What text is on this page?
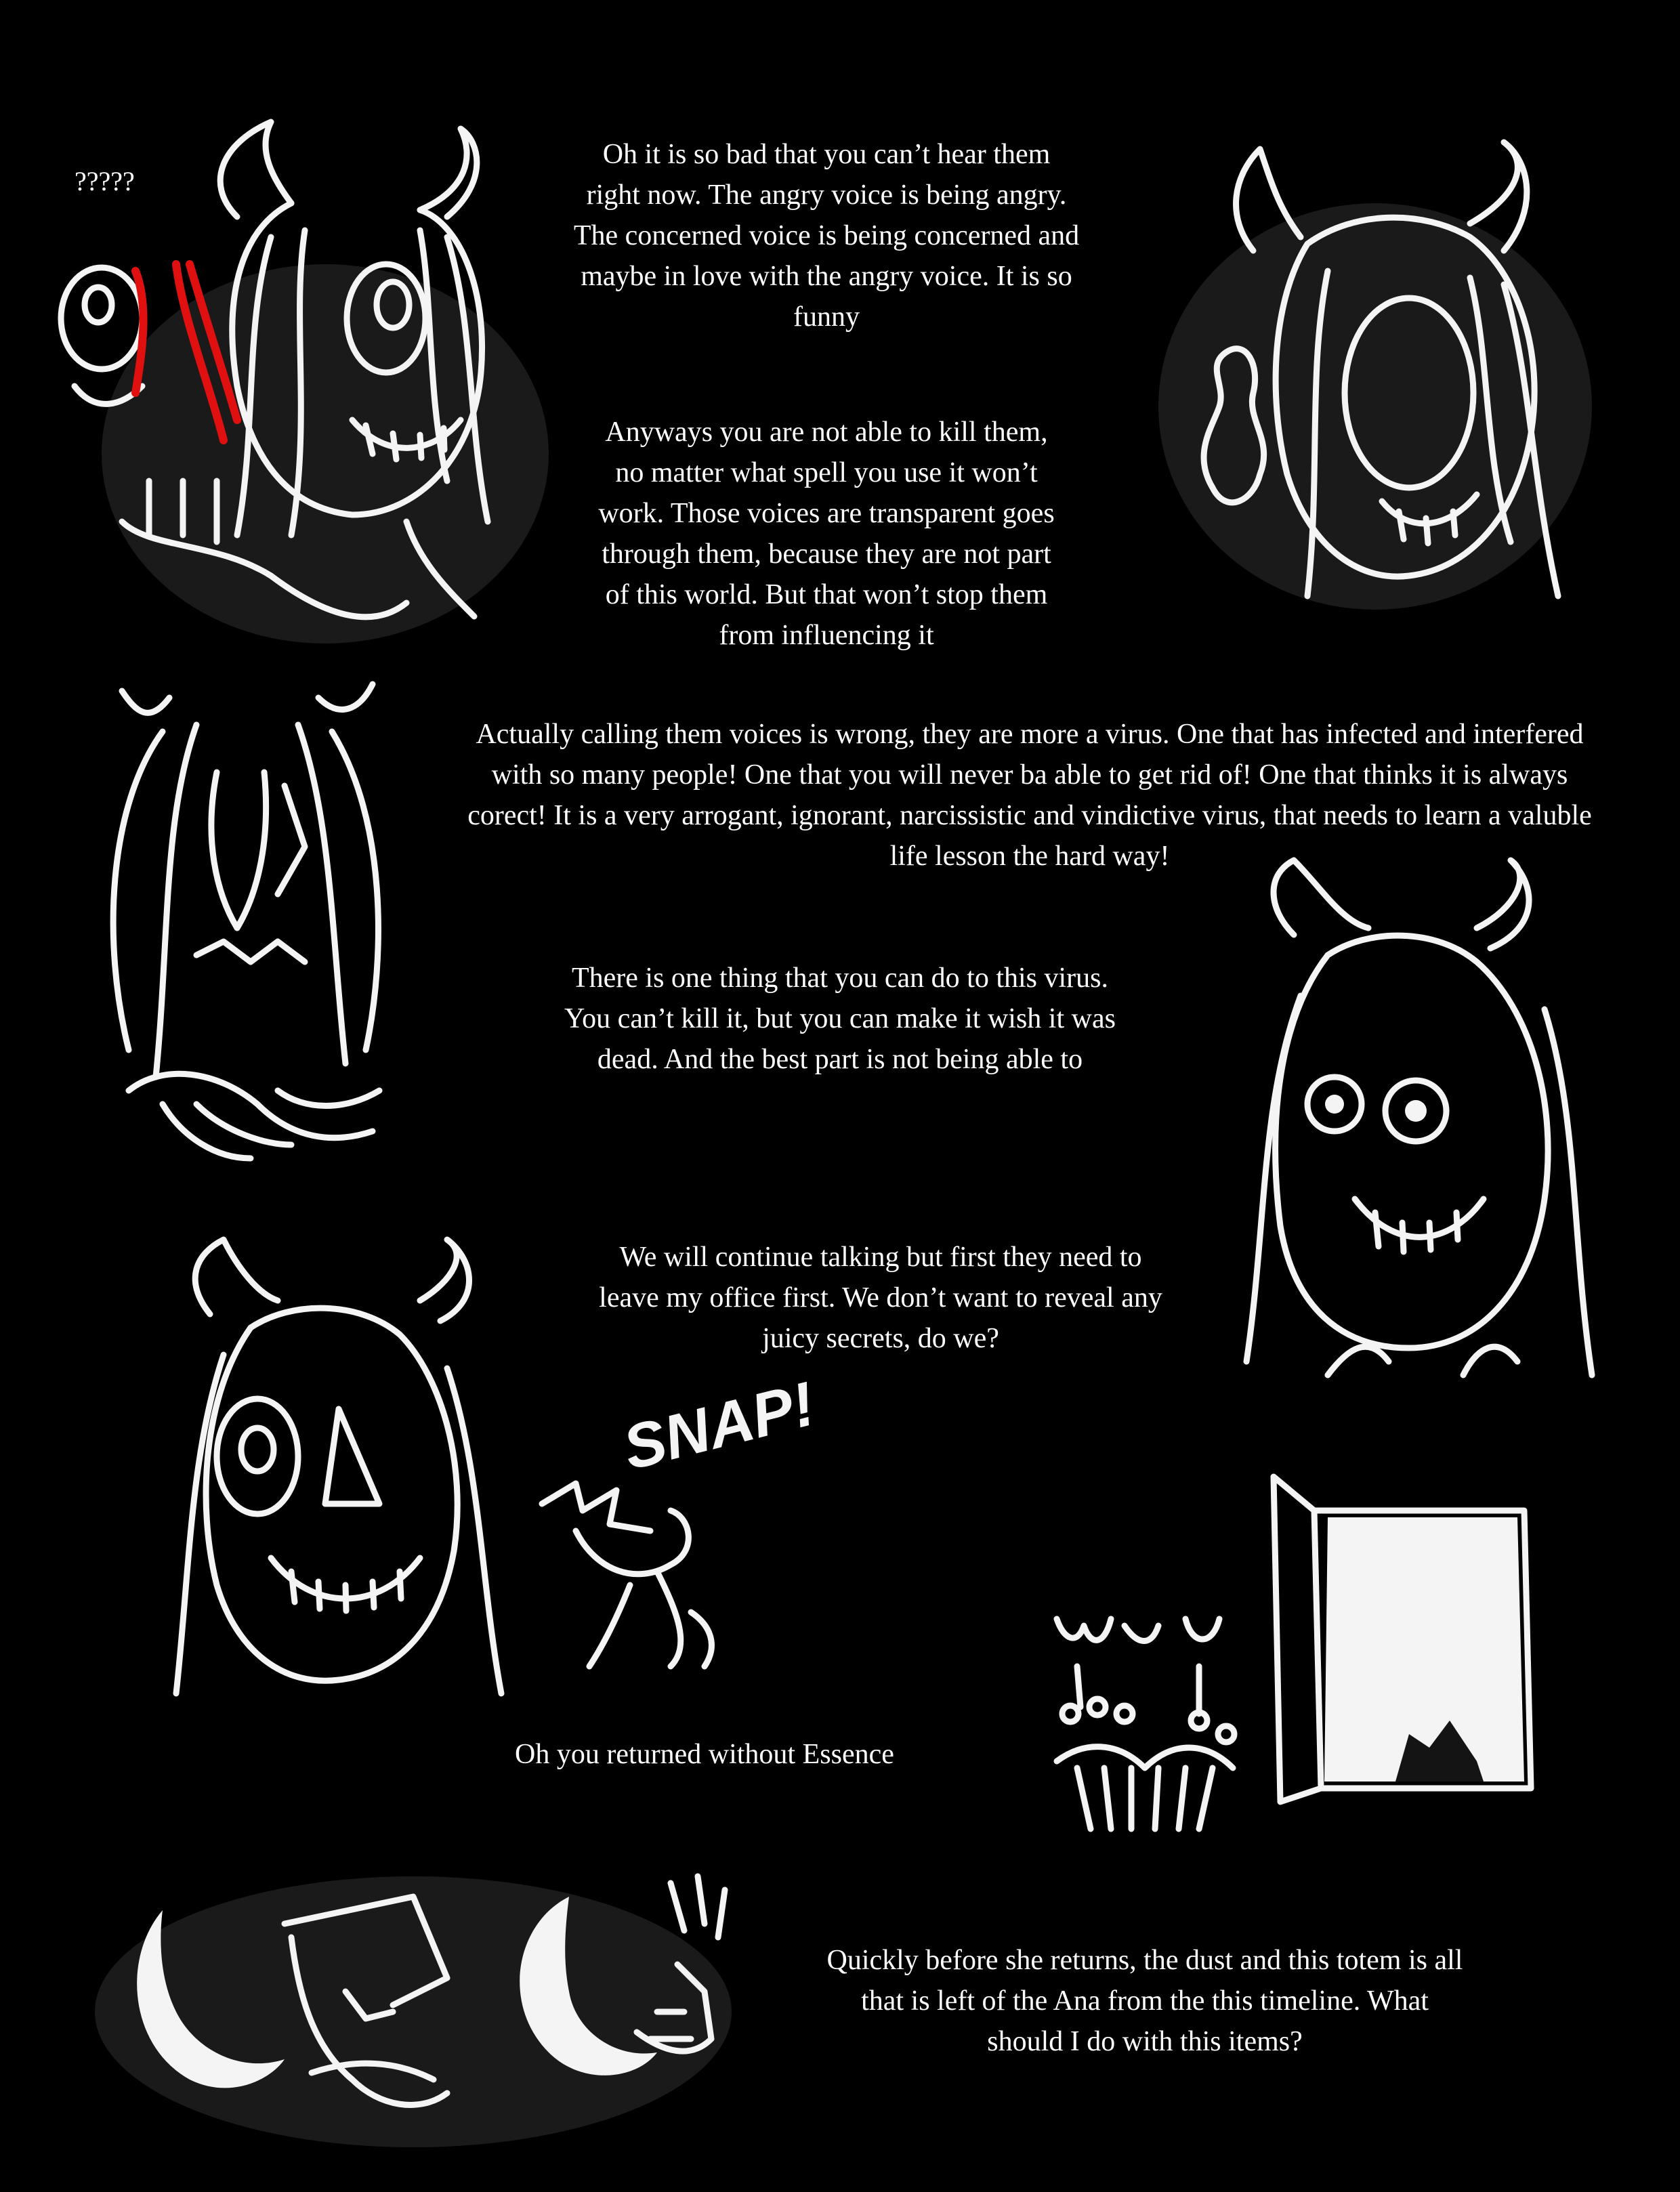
?????
Oh it is so bad that you can’t hear them
right now. The angry voice is being angry.
The concerned voice is being concerned and
maybe in love with the angry voice. It is so
funny
Anyways you are not able to kill them,
no matter what spell you use it won’t
work. Those voices are transparent goes
through them, because they are not part
of this world. But that won’t stop them
from influencing it
Actually calling them voices is wrong, they are more a virus. One that has infected and interfered
with so many people! One that you will never ba able to get rid of! One that thinks it is always
corect! It is a very arrogant, ignorant, narcissistic and vindictive virus, that needs to learn a valuble
life lesson the hard way!
There is one thing that you can do to this virus.
You can’t kill it, but you can make it wish it was
dead. And the best part is not being able to
We will continue talking but first they need to
leave my office first. We don’t want to reveal any
juicy secrets, do we?
Oh you returned without Essence
Quickly before she returns, the dust and this totem is all
that is left of the Ana from the this timeline. What
should I do with this items?
SNAP!
